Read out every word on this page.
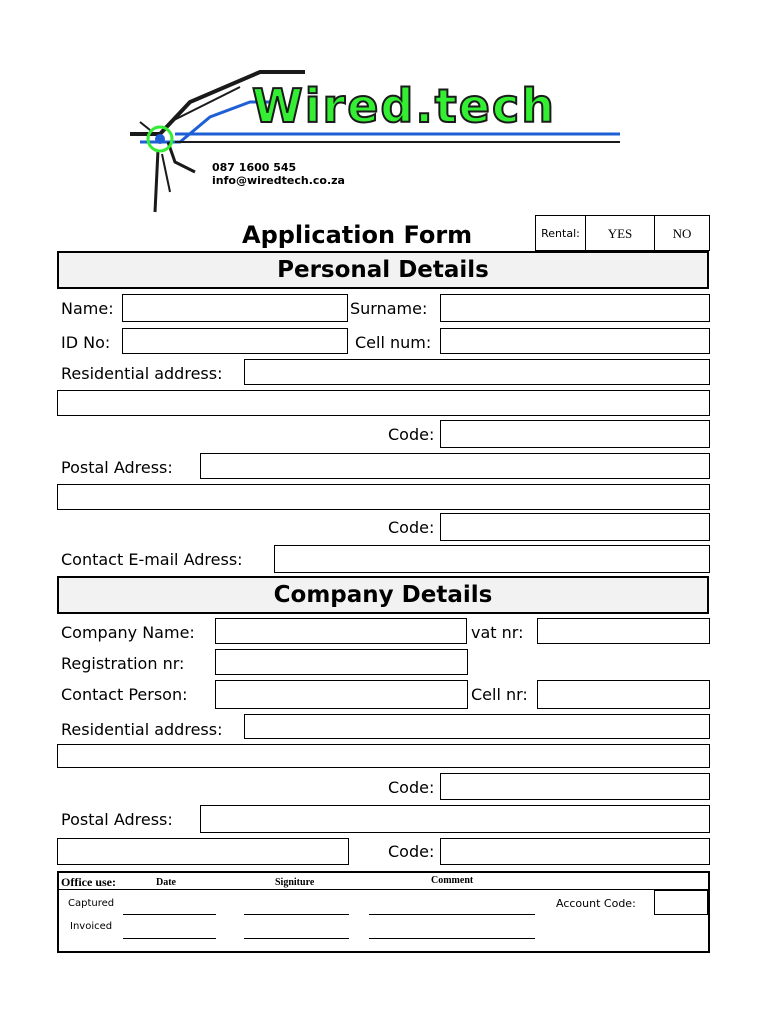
Wired.tech
087 1600 545
info@wiredtech.co.za
Application Form	Rental:	YES	NO
Personal Details
Name:	Surname:
ID No:	Cell num:
Residential address:
Code:
Postal Adress:
Code:
Contact E-mail Adress:
Company Details
Company Name:	vat nr:
Registration nr:
Contact Person:	Cell nr:
Residential address:
Code:
Postal Adress:
Code:
Office use:	Date	Signiture	Comment
Captured
Invoiced
Account Code:
